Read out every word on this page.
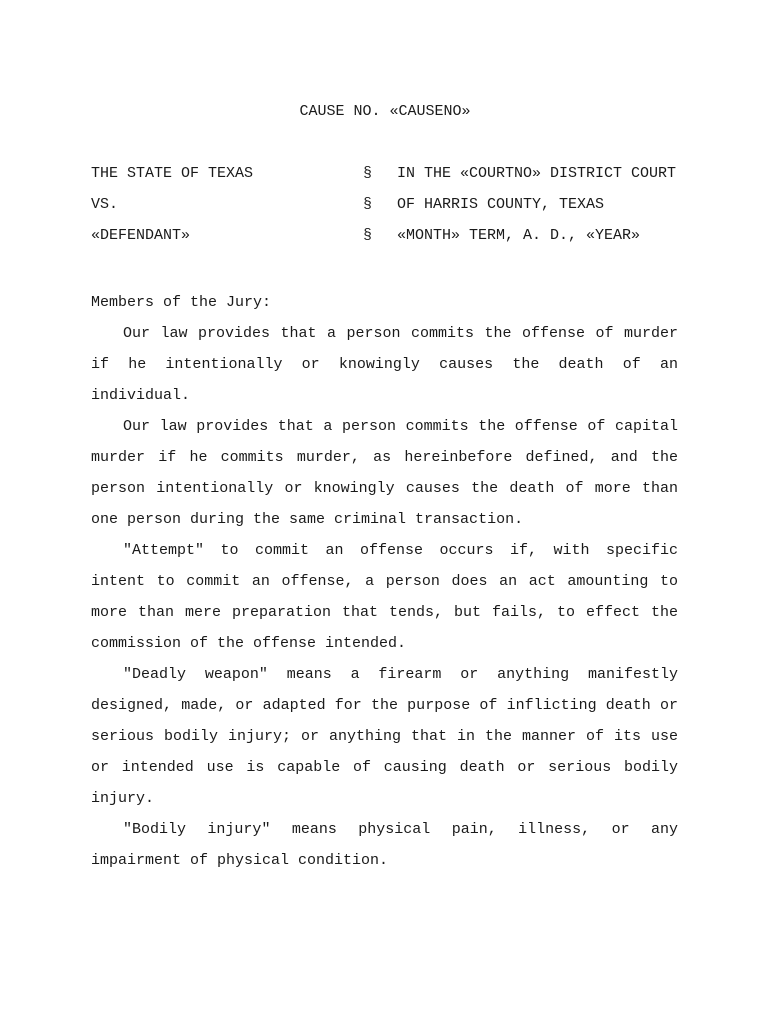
CAUSE NO. «CAUSENO»
THE STATE OF TEXAS	§ IN THE «COURTNO» DISTRICT COURT
VS.	§ OF HARRIS COUNTY, TEXAS
«DEFENDANT»	§ «MONTH» TERM, A. D., «YEAR»

Members of the Jury:

Our law provides that a person commits the offense of murder if he intentionally or knowingly causes the death of an individual.

Our law provides that a person commits the offense of capital murder if he commits murder, as hereinbefore defined, and the person intentionally or knowingly causes the death of more than one person during the same criminal transaction.

"Attempt" to commit an offense occurs if, with specific intent to commit an offense, a person does an act amounting to more than mere preparation that tends, but fails, to effect the commission of the offense intended.

"Deadly weapon" means a firearm or anything manifestly designed, made, or adapted for the purpose of inflicting death or serious bodily injury; or anything that in the manner of its use or intended use is capable of causing death or serious bodily injury.

"Bodily injury" means physical pain, illness, or any impairment of physical condition.
